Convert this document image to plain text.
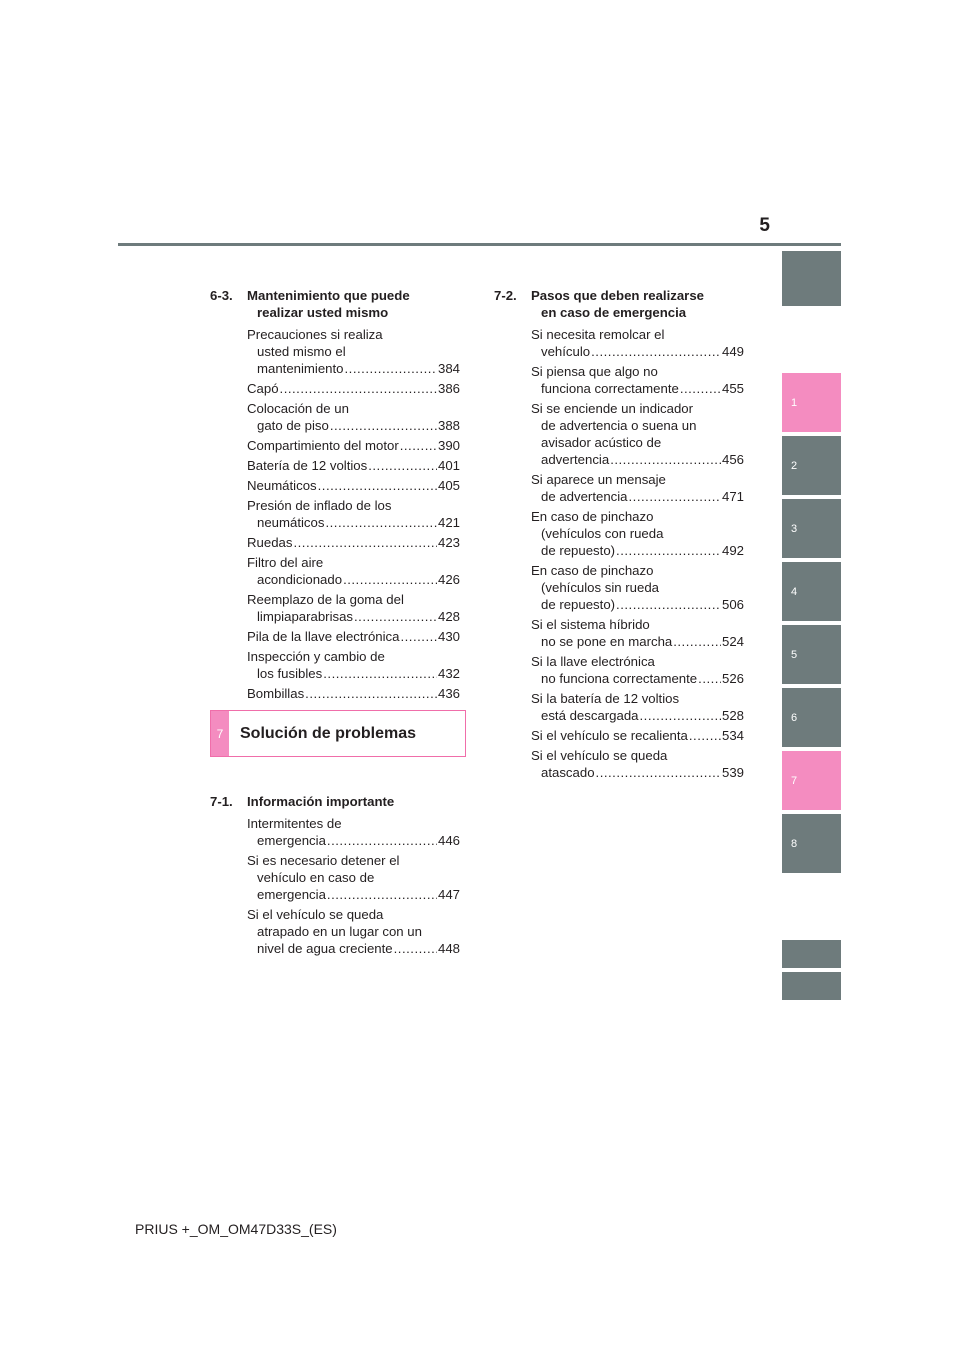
5
6-3.	Mantenimiento que puede
realizar usted mismo
Precauciones si realiza
usted mismo el
mantenimiento .....	384
Capó .....	386
Colocación de un
gato de piso .....	388
Compartimiento del motor .....	390
Batería de 12 voltios .....	401
Neumáticos .....	405
Presión de inflado de los
neumáticos .....	421
Ruedas .....	423
Filtro del aire
acondicionado .....	426
Reemplazo de la goma del
limpiaparabrisas .....	428
Pila de la llave electrónica .....	430
Inspección y cambio de
los fusibles .....	432
Bombillas .....	436
7-1.	Información importante
Intermitentes de
emergencia .....	446
Si es necesario detener el
vehículo en caso de
emergencia .....	447
Si el vehículo se queda
atrapado en un lugar con un
nivel de agua creciente .....	448
7	Solución de problemas
7-2.	Pasos que deben realizarse
en caso de emergencia
Si necesita remolcar el
vehículo .....	449
Si piensa que algo no
funciona correctamente .....	455
Si se enciende un indicador
de advertencia o suena un
avisador acústico de
advertencia .....	456
Si aparece un mensaje
de advertencia .....	471
En caso de pinchazo
(vehículos con rueda
de repuesto) .....	492
En caso de pinchazo
(vehículos sin rueda
de repuesto) .....	506
Si el sistema híbrido
no se pone en marcha .....	524
Si la llave electrónica
no funciona correctamente ..... 526
Si la batería de 12 voltios
está descargada .....	528
Si el vehículo se recalienta .....	534
Si el vehículo se queda
atascado .....	539
1
2
3
4
5
6
7
8
PRIUS +_OM_OM47D33S_(ES)
